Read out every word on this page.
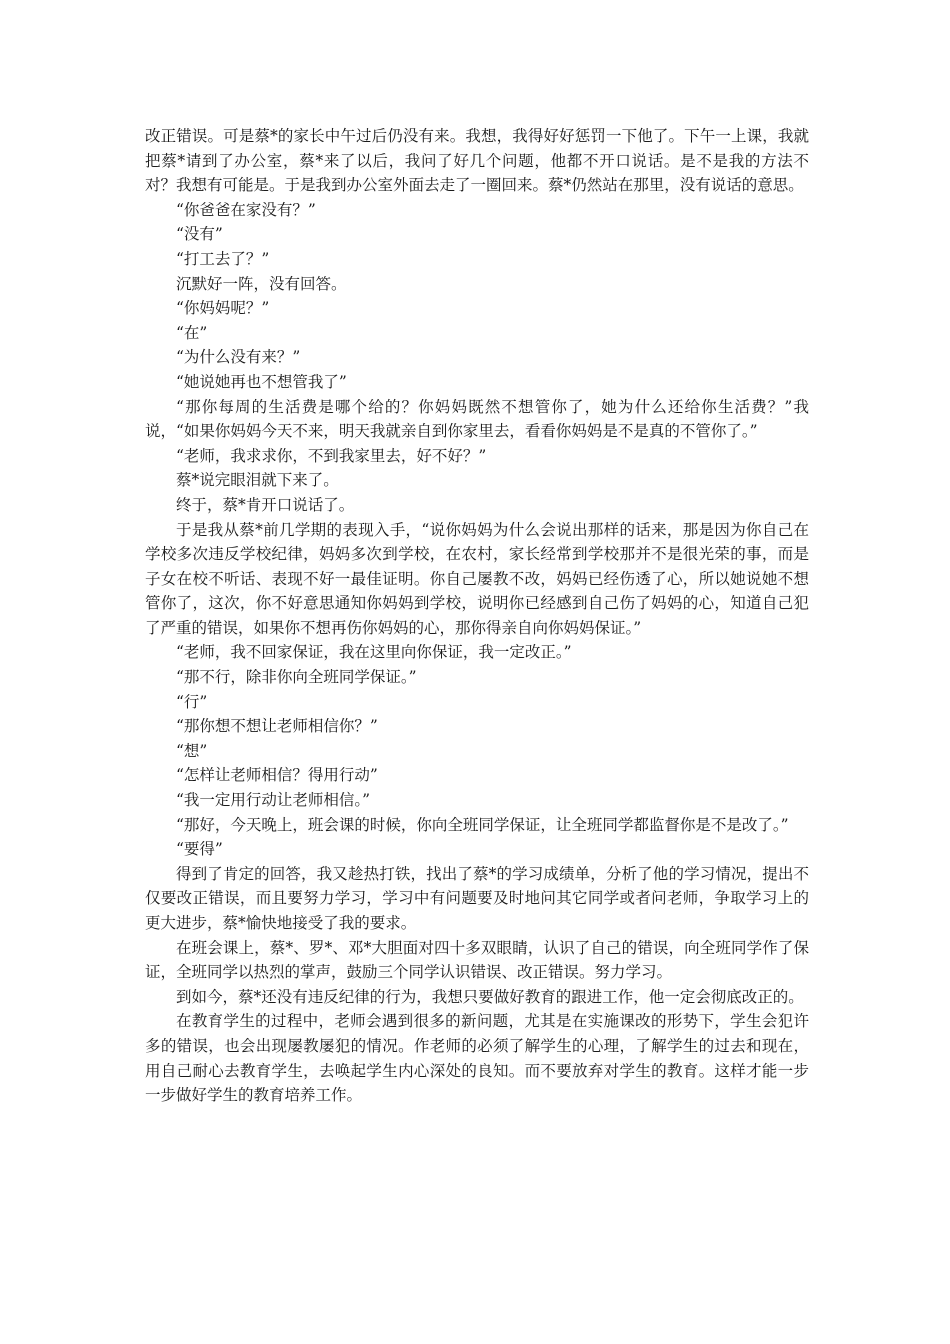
改正错误。可是蔡*的家长中午过后仍没有来。我想，我得好好惩罚一下他了。下午一上课，我就把蔡*请到了办公室，蔡*来了以后，我问了好几个问题，他都不开口说话。是不是我的方法不对？我想有可能是。于是我到办公室外面去走了一圈回来。蔡*仍然站在那里，没有说话的意思。

“你爸爸在家没有？”

“没有”

“打工去了？”

沉默好一阵，没有回答。

“你妈妈呢？”

“在”

“为什么没有来？”

“她说她再也不想管我了”

“那你每周的生活费是哪个给的？你妈妈既然不想管你了，她为什么还给你生活费？”我说，“如果你妈妈今天不来，明天我就亲自到你家里去，看看你妈妈是不是真的不管你了。”

“老师，我求求你，不到我家里去，好不好？”

蔡*说完眼泪就下来了。

终于，蔡*肯开口说话了。

于是我从蔡*前几学期的表现入手，“说你妈妈为什么会说出那样的话来，那是因为你自己在学校多次违反学校纪律，妈妈多次到学校，在农村，家长经常到学校那并不是很光荣的事，而是子女在校不听话、表现不好一最佳证明。你自己屡教不改，妈妈已经伤透了心，所以她说她不想管你了，这次，你不好意思通知你妈妈到学校，说明你已经感到自己伤了妈妈的心，知道自己犯了严重的错误，如果你不想再伤你妈妈的心，那你得亲自向你妈妈保证。”

“老师，我不回家保证，我在这里向你保证，我一定改正。”

“那不行，除非你向全班同学保证。”

“行”

“那你想不想让老师相信你？”

“想”

“怎样让老师相信？得用行动”

“我一定用行动让老师相信。”

“那好，今天晚上，班会课的时候，你向全班同学保证，让全班同学都监督你是不是改了。”

“要得”

得到了肯定的回答，我又趁热打铁，找出了蔡*的学习成绩单，分析了他的学习情况，提出不仅要改正错误，而且要努力学习，学习中有问题要及时地问其它同学或者问老师，争取学习上的更大进步，蔡*愉快地接受了我的要求。

在班会课上，蔡*、罗*、邓*大胆面对四十多双眼睛，认识了自己的错误，向全班同学作了保证，全班同学以热烈的掌声，鼓励三个同学认识错误、改正错误。努力学习。

到如今，蔡*还没有违反纪律的行为，我想只要做好教育的跟进工作，他一定会彻底改正的。

在教育学生的过程中，老师会遇到很多的新问题，尤其是在实施课改的形势下，学生会犯许多的错误，也会出现屡教屡犯的情况。作老师的必须了解学生的心理，了解学生的过去和现在，用自己耐心去教育学生，去唤起学生内心深处的良知。而不要放弃对学生的教育。这样才能一步一步做好学生的教育培养工作。
